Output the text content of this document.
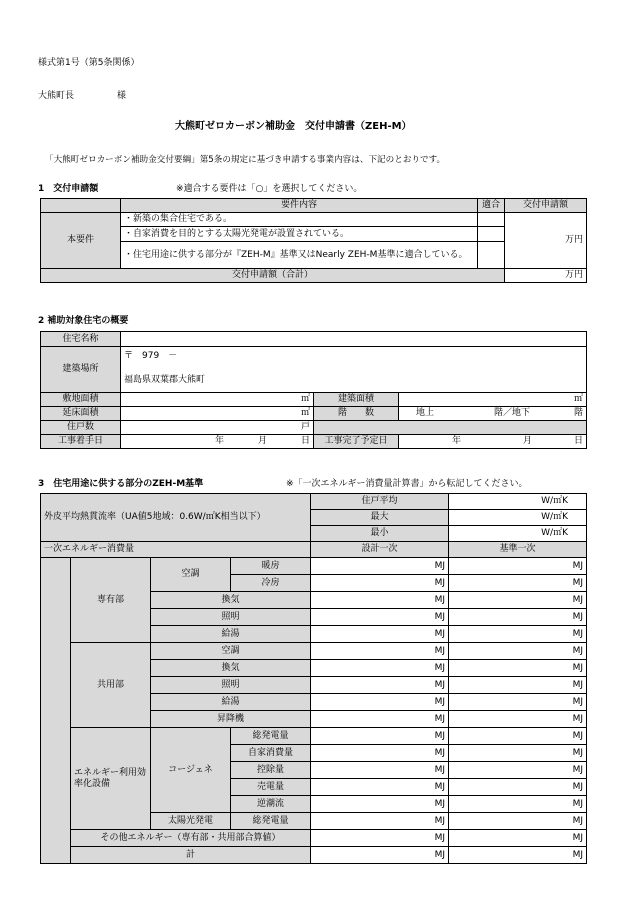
様式第1号（第5条関係）
大熊町長	様
大熊町ゼロカーボン補助金　交付申請書（ZEH-M）
「大熊町ゼロカーボン補助金交付要綱」第5条の規定に基づき申請する事業内容は、下記のとおりです。
1　交付申請額	※適合する要件は「○」を選択してください。
	要件内容	適合	交付申請額
本要件	・新築の集合住宅である。		万円
	・自家消費を目的とする太陽光発電が設置されている。		
	・住宅用途に供する部分が『ZEH-M』基準又はNearly ZEH-M基準に適合している。		
交付申請額（合計）			万円
2 補助対象住宅の概要
住宅名称			
建築場所	〒　979　－
福島県双葉郡大熊町		

敷地面積	㎡	建築面積	㎡
延床面積	㎡	階　　数	地上 階／地下 階

住戸数	戸		
工事着手日	年 月 日	工事完了予定日	年 月 日
3　住宅用途に供する部分のZEH-M基準	※「一次エネルギー消費量計算書」から転記してください。
外皮平均熱貫流率（UA値5地域：0.6W/㎡K相当以下）				住戸平均	W/㎡K
				最大	W/㎡K
				最小	W/㎡K
一次エネルギー消費量				設計一次	基準一次
	専有部	空調	暖房	MJ	MJ
			冷房	MJ	MJ
		換気		MJ	MJ
		照明		MJ	MJ
		給湯		MJ	MJ
	共用部	空調		MJ	MJ
		換気		MJ	MJ
		照明		MJ	MJ
		給湯		MJ	MJ
		昇降機		MJ	MJ
	エネルギー利用効率化設備	コージェネ	総発電量	MJ	MJ
			自家消費量	MJ	MJ
			控除量	MJ	MJ
			売電量	MJ	MJ
			逆潮流	MJ	MJ
		太陽光発電	総発電量	MJ	MJ
	その他エネルギー（専有部・共用部合算値）			MJ	MJ
	計			MJ	MJ
